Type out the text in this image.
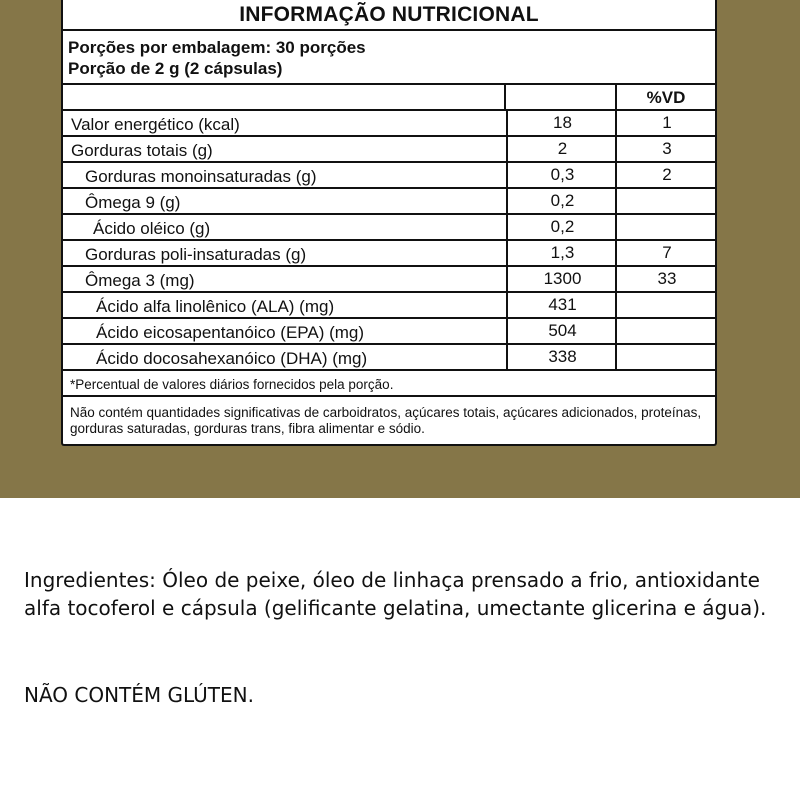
INFORMAÇÃO NUTRICIONAL
Porções por embalagem: 30 porções
Porção de 2 g (2 cápsulas)
%VD
Valor energético (kcal)	18	1
Gorduras totais (g)	2	3
Gorduras monoinsaturadas (g)	0,3	2
Ômega 9 (g)	0,2
Ácido oléico (g)	0,2
Gorduras poli-insaturadas (g)	1,3	7
Ômega 3 (mg)	1300	33
Ácido alfa linolênico (ALA) (mg)	431
Ácido eicosapentanóico (EPA) (mg)	504
Ácido docosahexanóico (DHA) (mg)	338
*Percentual de valores diários fornecidos pela porção.
Não contém quantidades significativas de carboidratos, açúcares totais, açúcares adicionados, proteínas, gorduras saturadas, gorduras trans, fibra alimentar e sódio.
Ingredientes: Óleo de peixe, óleo de linhaça prensado a frio, antioxidante alfa tocoferol e cápsula (gelificante gelatina, umectante glicerina e água).
NÃO CONTÉM GLÚTEN.
